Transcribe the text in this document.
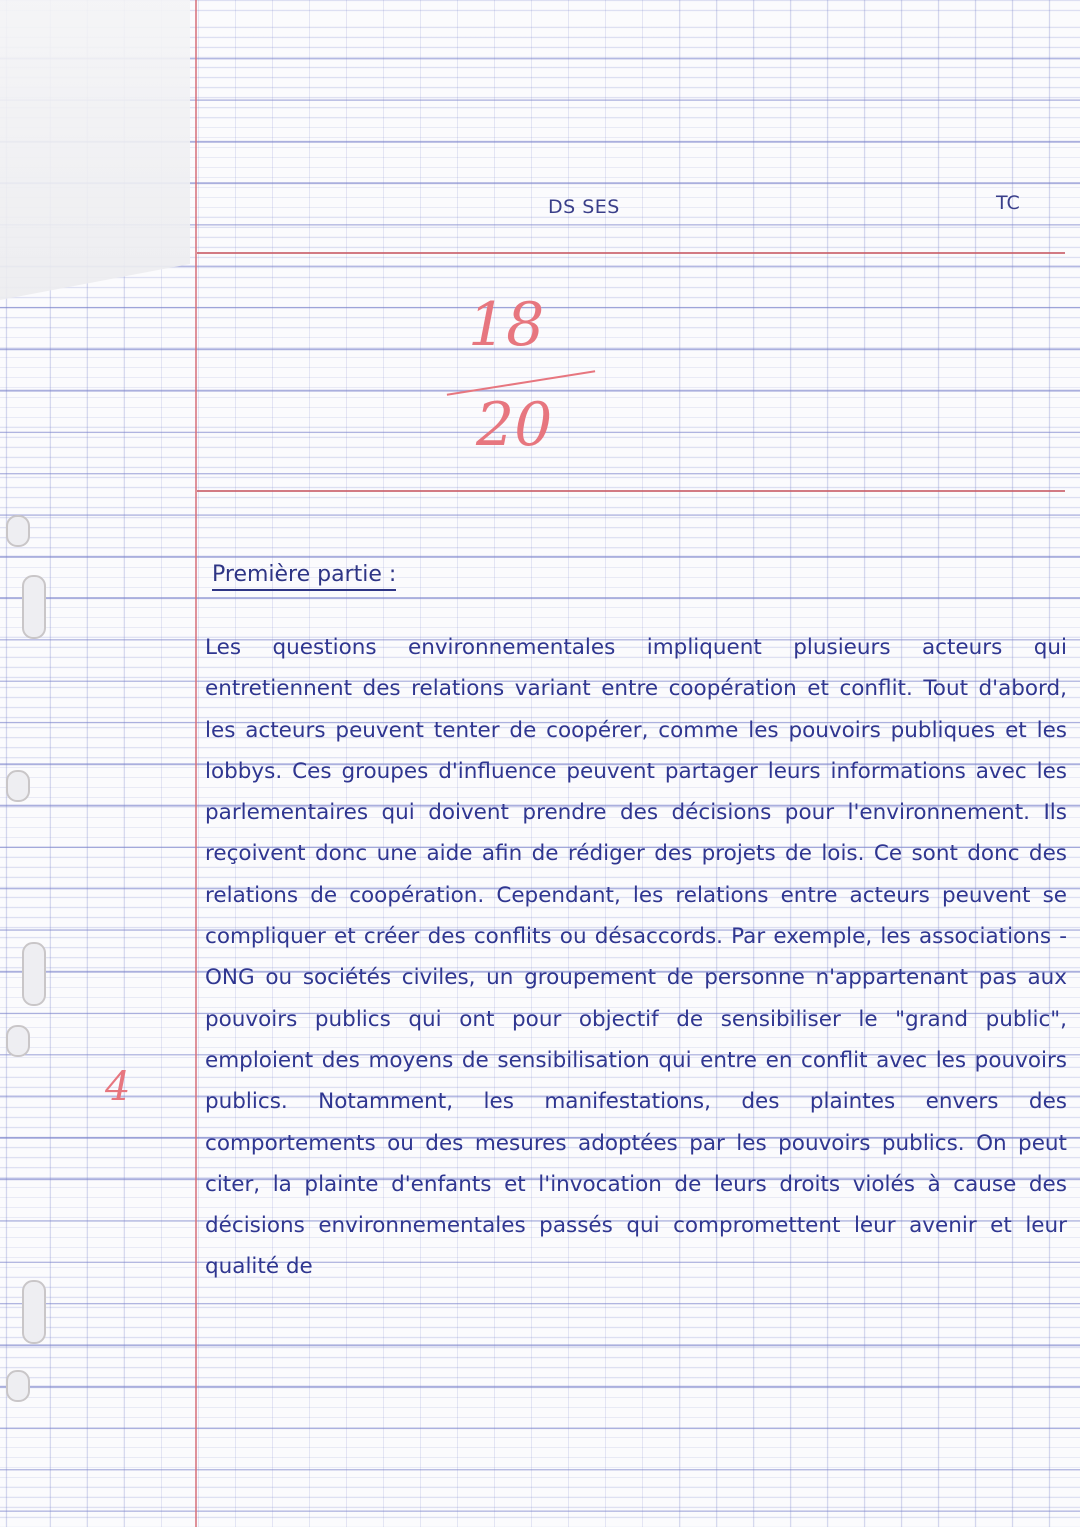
DS SES	TC
18
20
4
Première partie :

Les questions environnementales impliquent plusieurs acteurs qui entretiennent des relations variant entre coopération et conflit. Tout d'abord, les acteurs peuvent tenter de coopérer, comme les pouvoirs publiques et les lobbys. Ces groupes d'influence peuvent partager leurs informations avec les parlementaires qui doivent prendre des décisions pour l'environnement. Ils reçoivent donc une aide afin de rédiger des projets de lois. Ce sont donc des relations de coopération. Cependant, les relations entre acteurs peuvent se compliquer et créer des conflits ou désaccords. Par exemple, les associations - ONG ou sociétés civiles, un groupement de personne n'appartenant pas aux pouvoirs publics qui ont pour objectif de sensibiliser le "grand public", emploient des moyens de sensibilisation qui entre en conflit avec les pouvoirs publics. Notamment, les manifestations, des plaintes envers des comportements ou des mesures adoptées par les pouvoirs publics. On peut citer, la plainte d'enfants et l'invocation de leurs droits violés à cause des décisions environnementales passés qui compromettent leur avenir et leur qualité de
